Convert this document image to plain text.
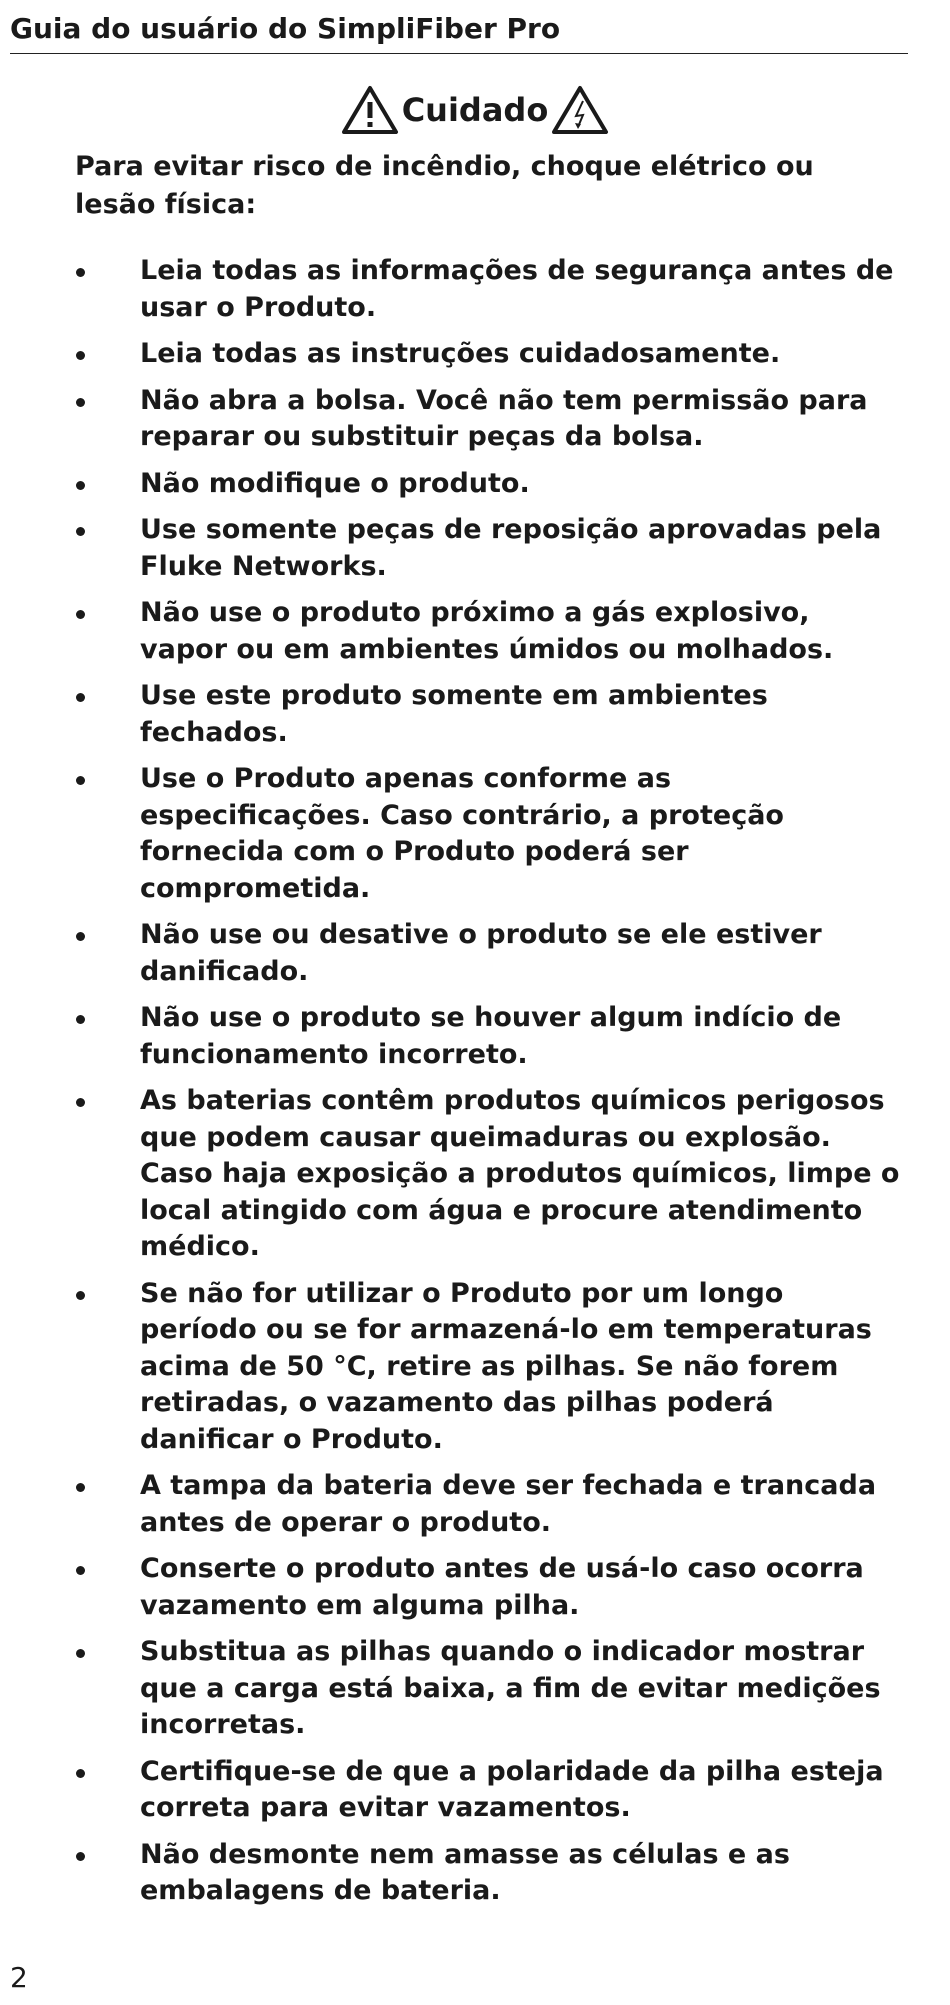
Guia do usuário do SimpliFiber Pro
Cuidado

Para evitar risco de incêndio, choque elétrico ou lesão física:

Leia todas as informações de segurança antes de usar o Produto.
Leia todas as instruções cuidadosamente.
Não abra a bolsa. Você não tem permissão para reparar ou substituir peças da bolsa.
Não modifique o produto.
Use somente peças de reposição aprovadas pela Fluke Networks.
Não use o produto próximo a gás explosivo, vapor ou em ambientes úmidos ou molhados.
Use este produto somente em ambientes fechados.
Use o Produto apenas conforme as especificações. Caso contrário, a proteção fornecida com o Produto poderá ser comprometida.
Não use ou desative o produto se ele estiver danificado.
Não use o produto se houver algum indício de funcionamento incorreto.
As baterias contêm produtos químicos perigosos que podem causar queimaduras ou explosão. Caso haja exposição a produtos químicos, limpe o local atingido com água e procure atendimento médico.
Se não for utilizar o Produto por um longo período ou se for armazená-lo em temperaturas acima de 50 °C, retire as pilhas. Se não forem retiradas, o vazamento das pilhas poderá danificar o Produto.
A tampa da bateria deve ser fechada e trancada antes de operar o produto.
Conserte o produto antes de usá-lo caso ocorra vazamento em alguma pilha.
Substitua as pilhas quando o indicador mostrar que a carga está baixa, a fim de evitar medições incorretas.
Certifique-se de que a polaridade da pilha esteja correta para evitar vazamentos.
Não desmonte nem amasse as células e as embalagens de bateria.
2
